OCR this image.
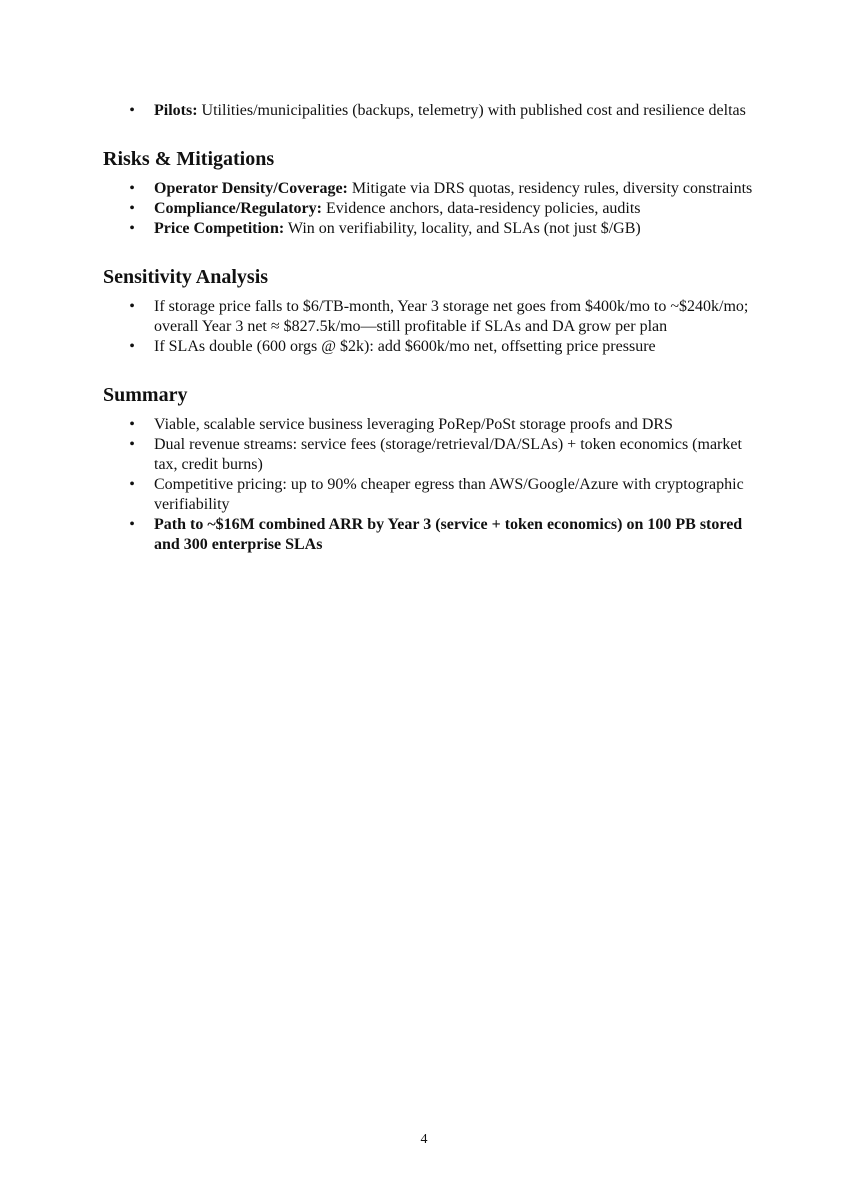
• Pilots: Utilities/municipalities (backups, telemetry) with published cost and resilience deltas
Risks & Mitigations
• Operator Density/Coverage: Mitigate via DRS quotas, residency rules, diversity constraints
• Compliance/Regulatory: Evidence anchors, data-residency policies, audits
• Price Competition: Win on verifiability, locality, and SLAs (not just $/GB)
Sensitivity Analysis
• If storage price falls to $6/TB-month, Year 3 storage net goes from $400k/mo to ~$240k/mo; overall Year 3 net ≈ $827.5k/mo—still profitable if SLAs and DA grow per plan
• If SLAs double (600 orgs @ $2k): add $600k/mo net, offsetting price pressure
Summary
• Viable, scalable service business leveraging PoRep/PoSt storage proofs and DRS
• Dual revenue streams: service fees (storage/retrieval/DA/SLAs) + token economics (market tax, credit burns)
• Competitive pricing: up to 90% cheaper egress than AWS/Google/Azure with cryptographic verifiability
• Path to ~$16M combined ARR by Year 3 (service + token economics) on 100 PB stored and 300 enterprise SLAs
4
